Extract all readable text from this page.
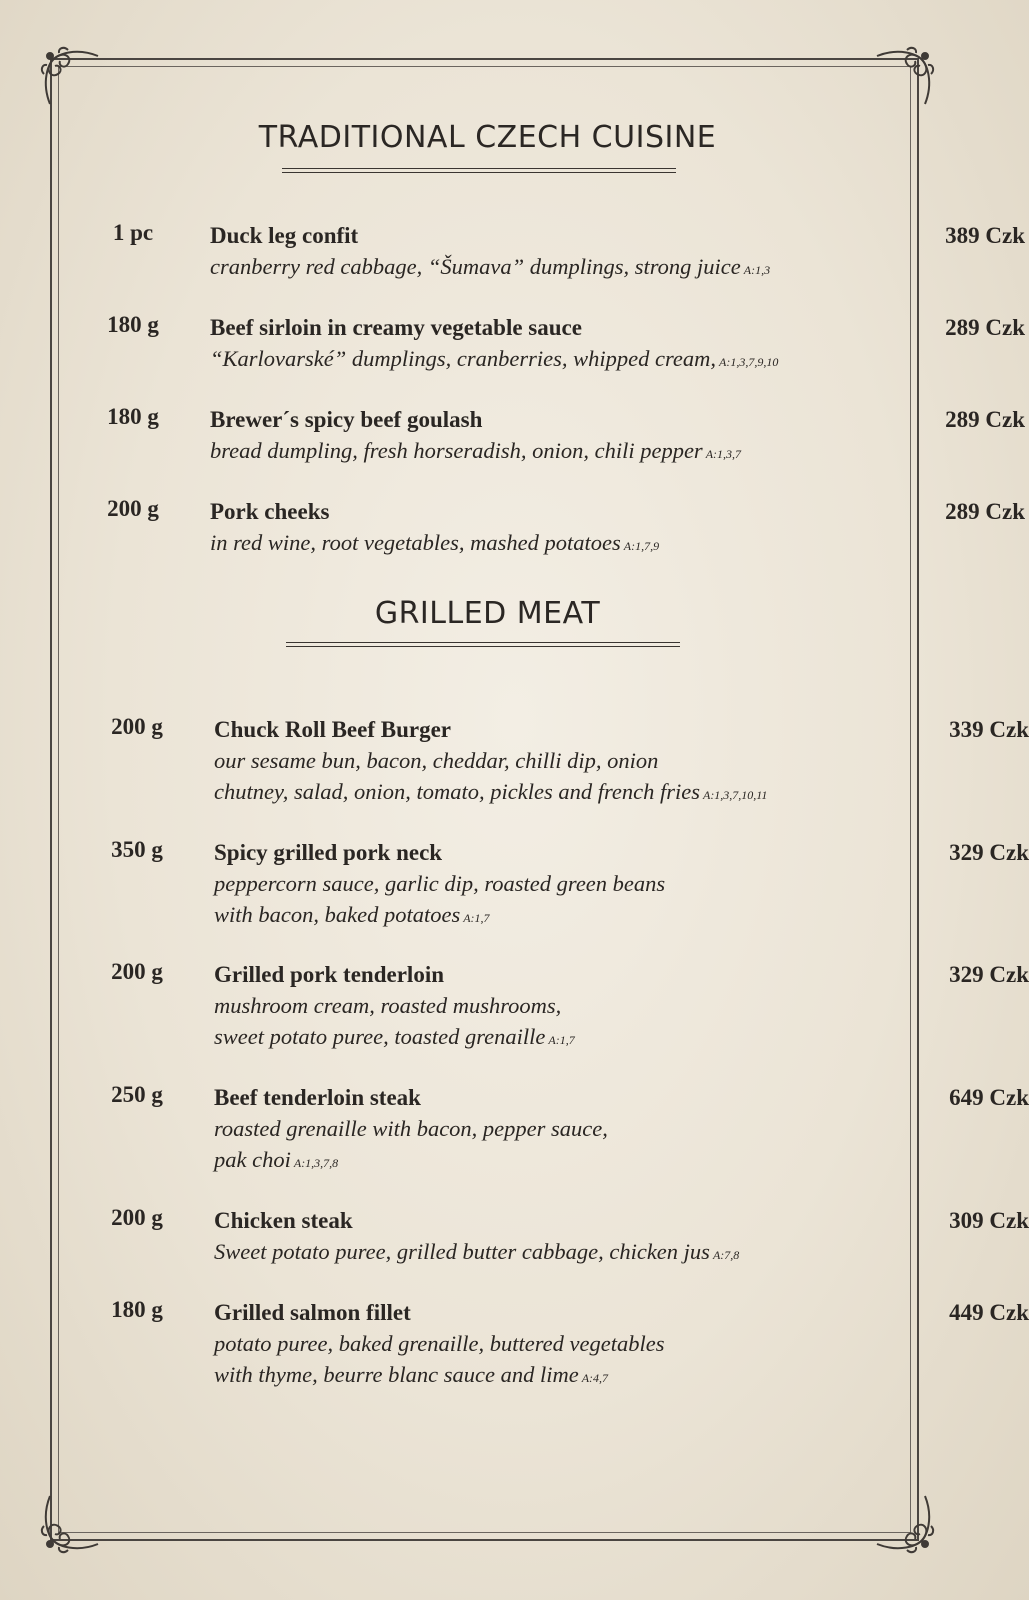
TRADITIONAL CZECH CUISINE
1 pc	Duck leg confit	389 Czk
cranberry red cabbage, “Šumava” dumplings, strong juice A:1,3
180 g	Beef sirloin in creamy vegetable sauce	289 Czk
“Karlovarské” dumplings, cranberries, whipped cream, A:1,3,7,9,10
180 g	Brewer´s spicy beef goulash	289 Czk
bread dumpling, fresh horseradish, onion, chili pepper A:1,3,7
200 g	Pork cheeks	289 Czk
in red wine, root vegetables, mashed potatoes A:1,7,9
GRILLED MEAT
200 g	Chuck Roll Beef Burger	339 Czk
our sesame bun, bacon, cheddar, chilli dip, onion
chutney, salad, onion, tomato, pickles and french fries A:1,3,7,10,11
350 g	Spicy grilled pork neck	329 Czk
peppercorn sauce, garlic dip, roasted green beans
with bacon, baked potatoes A:1,7
200 g	Grilled pork tenderloin	329 Czk
mushroom cream, roasted mushrooms,
sweet potato puree, toasted grenaille A:1,7
250 g	Beef tenderloin steak	649 Czk
roasted grenaille with bacon, pepper sauce,
pak choi A:1,3,7,8
200 g	Chicken steak	309 Czk
Sweet potato puree, grilled butter cabbage, chicken jus A:7,8
180 g	Grilled salmon fillet	449 Czk
potato puree, baked grenaille, buttered vegetables
with thyme, beurre blanc sauce and lime A:4,7
